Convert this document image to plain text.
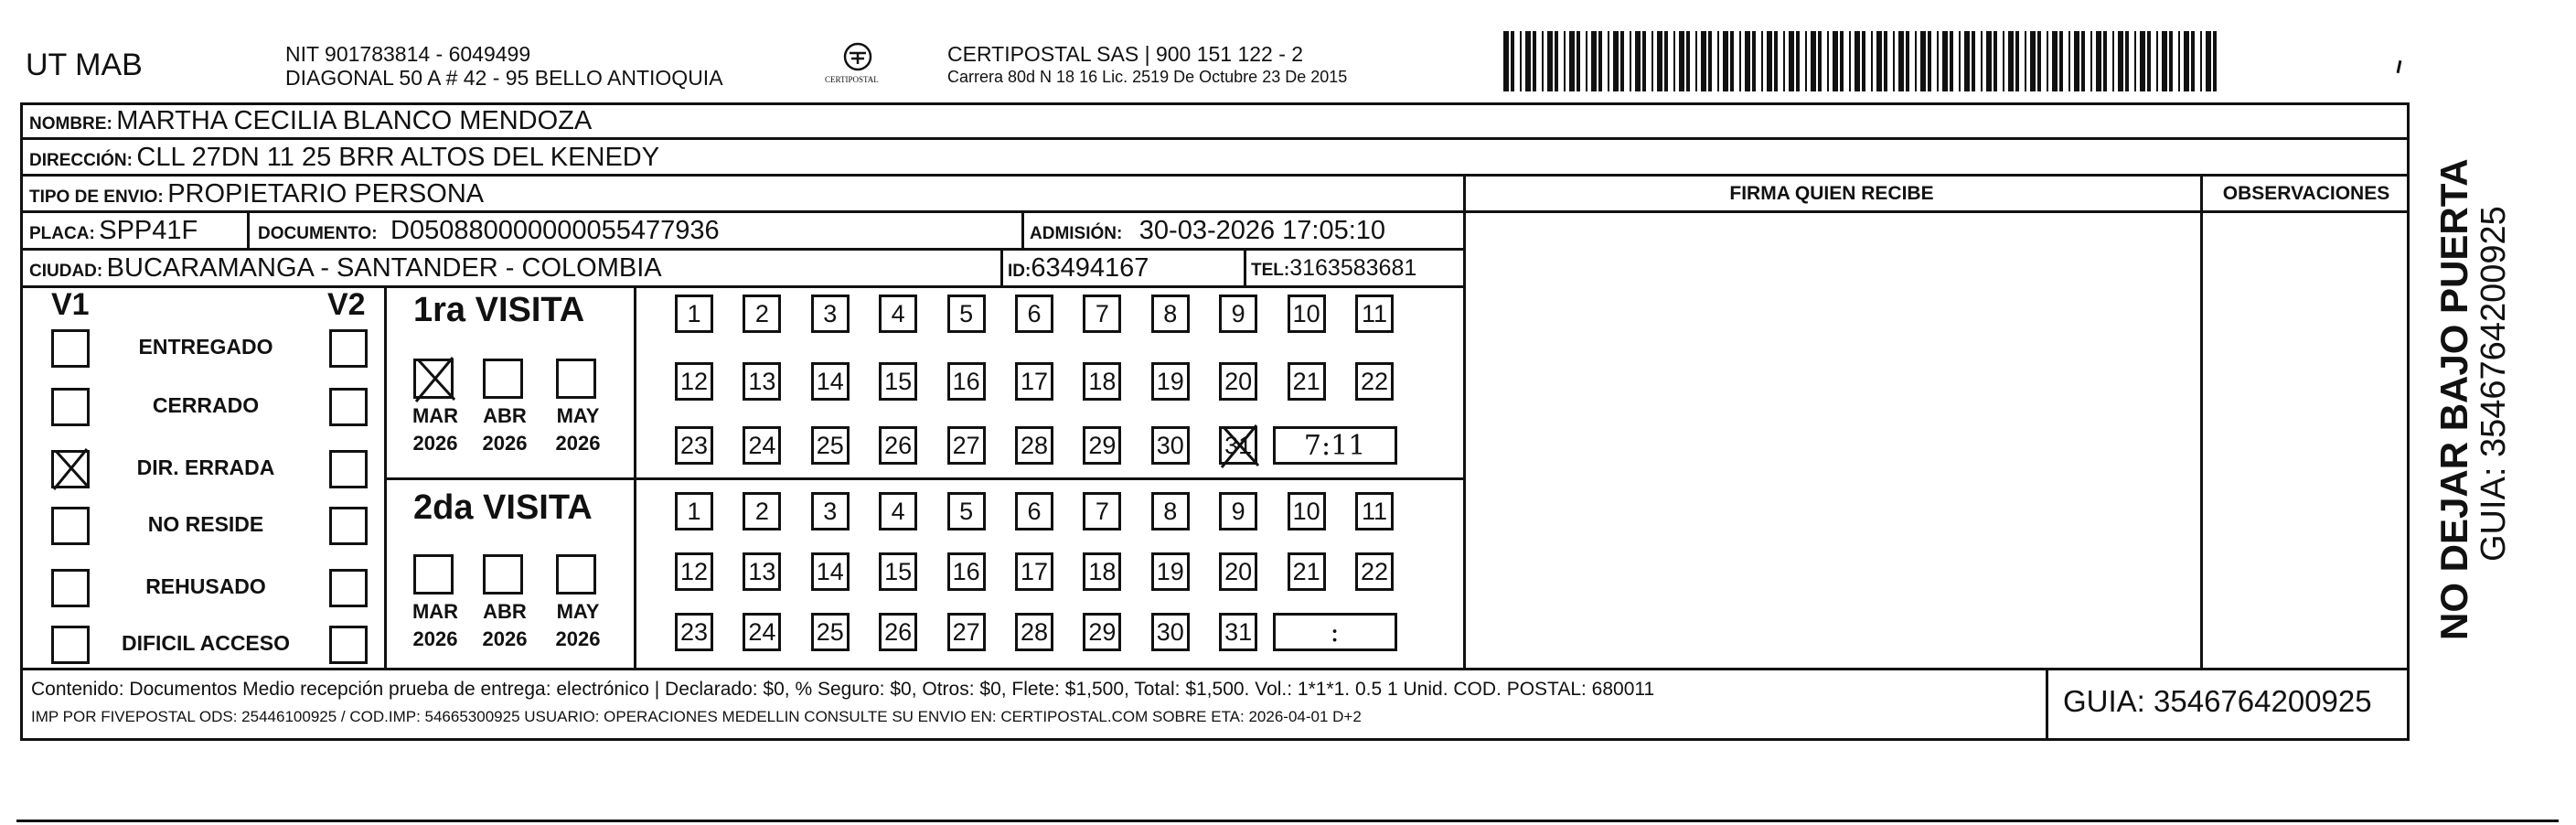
UT MAB	NIT 901783814 - 6049499
DIAGONAL 50 A # 42 - 95 BELLO ANTIOQUIA	CERTIPOSTAL
CERTIPOSTAL SAS | 900 151 122 - 2
Carrera 80d N 18 16 Lic. 2519 De Octubre 23 De 2015
NOMBRE: MARTHA CECILIA BLANCO MENDOZA
DIRECCIÓN: CLL 27DN 11 25 BRR ALTOS DEL KENEDY
TIPO DE ENVIO: PROPIETARIO PERSONA
PLACA: SPP41F	DOCUMENTO: D050880000000055477936	ADMISIÓN: 30-03-2026 17:05:10
CIUDAD: BUCARAMANGA - SANTANDER - COLOMBIA	ID:63494167	TEL:3163583681
FIRMA QUIEN RECIBE	OBSERVACIONES
V1	V2
ENTREGADO
CERRADO
DIR. ERRADA
NO RESIDE
REHUSADO
DIFICIL ACCESO
1ra VISITA
MAR
2026
ABR
2026
MAY
2026
1 2 3 4 5 6 7 8 9 10 11
12 13 14 15 16 17 18 19 20 21 22
23 24 25 26 27 28 29 30 31 7:11
2da VISITA
MAR
2026
ABR
2026
MAY
2026
1 2 3 4 5 6 7 8 9 10 11
12 13 14 15 16 17 18 19 20 21 22
23 24 25 26 27 28 29 30 31	:
Contenido: Documentos Medio recepción prueba de entrega: electrónico | Declarado: $0, % Seguro: $0, Otros: $0, Flete: $1,500, Total: $1,500. Vol.: 1*1*1. 0.5 1 Unid. COD. POSTAL: 680011
IMP POR FIVEPOSTAL ODS: 25446100925 / COD.IMP: 54665300925 USUARIO: OPERACIONES MEDELLIN CONSULTE SU ENVIO EN: CERTIPOSTAL.COM SOBRE ETA: 2026-04-01 D+2	GUIA: 3546764200925
NO DEJAR BAJO PUERTA GUIA: 3546764200925
